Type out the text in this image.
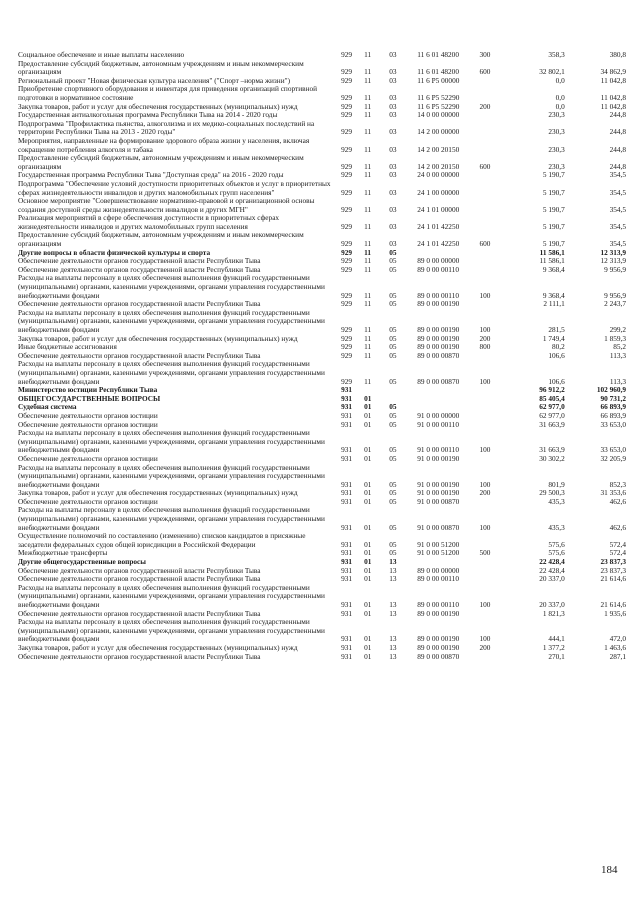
Социальное обеспечение и иные выплаты населению	929	11	03	11 6 01 48200	300	358,3	380,8
Предоставление субсидий бюджетным, автономным учреждениям и иным некоммерческим организациям	929	11	03	11 6 01 48200	600	32 802,1	34 862,9
Региональный проект "Новая физическая культура населения" ("Спорт –норма жизни")	929	11	03	11 6 Р5 00000		0,0	11 042,8
Приобретение спортивного оборудования и инвентаря для приведения организаций спортивной подготовки в нормативное состояние	929	11	03	11 6 Р5 52290		0,0	11 042,8
Закупка товаров, работ и услуг для обеспечения государственных (муниципальных) нужд	929	11	03	11 6 Р5 52290	200	0,0	11 042,8
Государственная антиалкогольная программа Республики Тыва на 2014 - 2020 годы	929	11	03	14 0 00 00000		230,3	244,8
Подпрограмма "Профилактика пьянства, алкоголизма и их медико-социальных последствий на территории Республики Тыва на 2013 - 2020 годы"	929	11	03	14 2 00 00000		230,3	244,8
Мероприятия, направленные на формирование здорового образа жизни у населения, включая сокращение потребления алкоголя и табака	929	11	03	14 2 00 20150		230,3	244,8
Предоставление субсидий бюджетным, автономным учреждениям и иным некоммерческим организациям	929	11	03	14 2 00 20150	600	230,3	244,8
Государственная программа Республики Тыва "Доступная среда" на 2016 - 2020 годы	929	11	03	24 0 00 00000		5 190,7	354,5
Подпрограмма "Обеспечение условий доступности приоритетных объектов и услуг в приоритетных сферах жизнедеятельности инвалидов и других маломобильных групп населения"	929	11	03	24 1 00 00000		5 190,7	354,5
Основное мероприятие "Совершенствование нормативно-правовой и организационной основы создания доступной среды жизнедеятельности инвалидов и других МГН"	929	11	03	24 1 01 00000		5 190,7	354,5
Реализация мероприятий в сфере обеспечения доступности в приоритетных сферах жизнедеятельности инвалидов и других маломобильных групп населения	929	11	03	24 1 01 42250		5 190,7	354,5
Предоставление субсидий бюджетным, автономным учреждениям и иным некоммерческим организациям	929	11	03	24 1 01 42250	600	5 190,7	354,5
Другие вопросы в области физической культуры и спорта	929	11	05			11 586,1	12 313,9
Обеспечение деятельности органов государственной власти Республики Тыва	929	11	05	89 0 00 00000		11 586,1	12 313,9
Обеспечение деятельности органов государственной власти Республики Тыва	929	11	05	89 0 00 00110		9 368,4	9 956,9
Расходы на выплаты персоналу в целях обеспечения выполнения функций государственными (муниципальными) органами, казенными учреждениями, органами управления государственными внебюджетными фондами	929	11	05	89 0 00 00110	100	9 368,4	9 956,9
Обеспечение деятельности органов государственной власти Республики Тыва	929	11	05	89 0 00 00190		2 111,1	2 243,7
Расходы на выплаты персоналу в целях обеспечения выполнения функций государственными (муниципальными) органами, казенными учреждениями, органами управления государственными внебюджетными фондами	929	11	05	89 0 00 00190	100	281,5	299,2
Закупка товаров, работ и услуг для обеспечения государственных (муниципальных) нужд	929	11	05	89 0 00 00190	200	1 749,4	1 859,3
Иные бюджетные ассигнования	929	11	05	89 0 00 00190	800	80,2	85,2
Обеспечение деятельности органов государственной власти Республики Тыва	929	11	05	89 0 00 00870		106,6	113,3
Расходы на выплаты персоналу в целях обеспечения выполнения функций государственными (муниципальными) органами, казенными учреждениями, органами управления государственными внебюджетными фондами	929	11	05	89 0 00 00870	100	106,6	113,3
Министерство юстиции Республики Тыва	931					96 912,2	102 960,9
ОБЩЕГОСУДАРСТВЕННЫЕ ВОПРОСЫ	931	01				85 405,4	90 731,2
Судебная система	931	01	05			62 977,0	66 893,9
Обеспечение деятельности органов юстиции	931	01	05	91 0 00 00000		62 977,0	66 893,9
Обеспечение деятельности органов юстиции	931	01	05	91 0 00 00110		31 663,9	33 653,0
Расходы на выплаты персоналу в целях обеспечения выполнения функций государственными (муниципальными) органами, казенными учреждениями, органами управления государственными внебюджетными фондами	931	01	05	91 0 00 00110	100	31 663,9	33 653,0
Обеспечение деятельности органов юстиции	931	01	05	91 0 00 00190		30 302,2	32 205,9
Расходы на выплаты персоналу в целях обеспечения выполнения функций государственными (муниципальными) органами, казенными учреждениями, органами управления государственными внебюджетными фондами	931	01	05	91 0 00 00190	100	801,9	852,3
Закупка товаров, работ и услуг для обеспечения государственных (муниципальных) нужд	931	01	05	91 0 00 00190	200	29 500,3	31 353,6
Обеспечение деятельности органов юстиции	931	01	05	91 0 00 00870		435,3	462,6
Расходы на выплаты персоналу в целях обеспечения выполнения функций государственными (муниципальными) органами, казенными учреждениями, органами управления государственными внебюджетными фондами	931	01	05	91 0 00 00870	100	435,3	462,6
Осуществление полномочий по составлению (изменению) списков кандидатов в присяжные заседатели федеральных судов общей юрисдикции в Российской Федерации	931	01	05	91 0 00 51200		575,6	572,4
Межбюджетные трансферты	931	01	05	91 0 00 51200	500	575,6	572,4
Другие общегосударственные вопросы	931	01	13			22 428,4	23 837,3
Обеспечение деятельности органов государственной власти Республики Тыва	931	01	13	89 0 00 00000		22 428,4	23 837,3
Обеспечение деятельности органов государственной власти Республики Тыва	931	01	13	89 0 00 00110		20 337,0	21 614,6
Расходы на выплаты персоналу в целях обеспечения выполнения функций государственными (муниципальными) органами, казенными учреждениями, органами управления государственными внебюджетными фондами	931	01	13	89 0 00 00110	100	20 337,0	21 614,6
Обеспечение деятельности органов государственной власти Республики Тыва	931	01	13	89 0 00 00190		1 821,3	1 935,6
Расходы на выплаты персоналу в целях обеспечения выполнения функций государственными (муниципальными) органами, казенными учреждениями, органами управления государственными внебюджетными фондами	931	01	13	89 0 00 00190	100	444,1	472,0
Закупка товаров, работ и услуг для обеспечения государственных (муниципальных) нужд	931	01	13	89 0 00 00190	200	1 377,2	1 463,6
Обеспечение деятельности органов государственной власти Республики Тыва	931	01	13	89 0 00 00870		270,1	287,1
184
